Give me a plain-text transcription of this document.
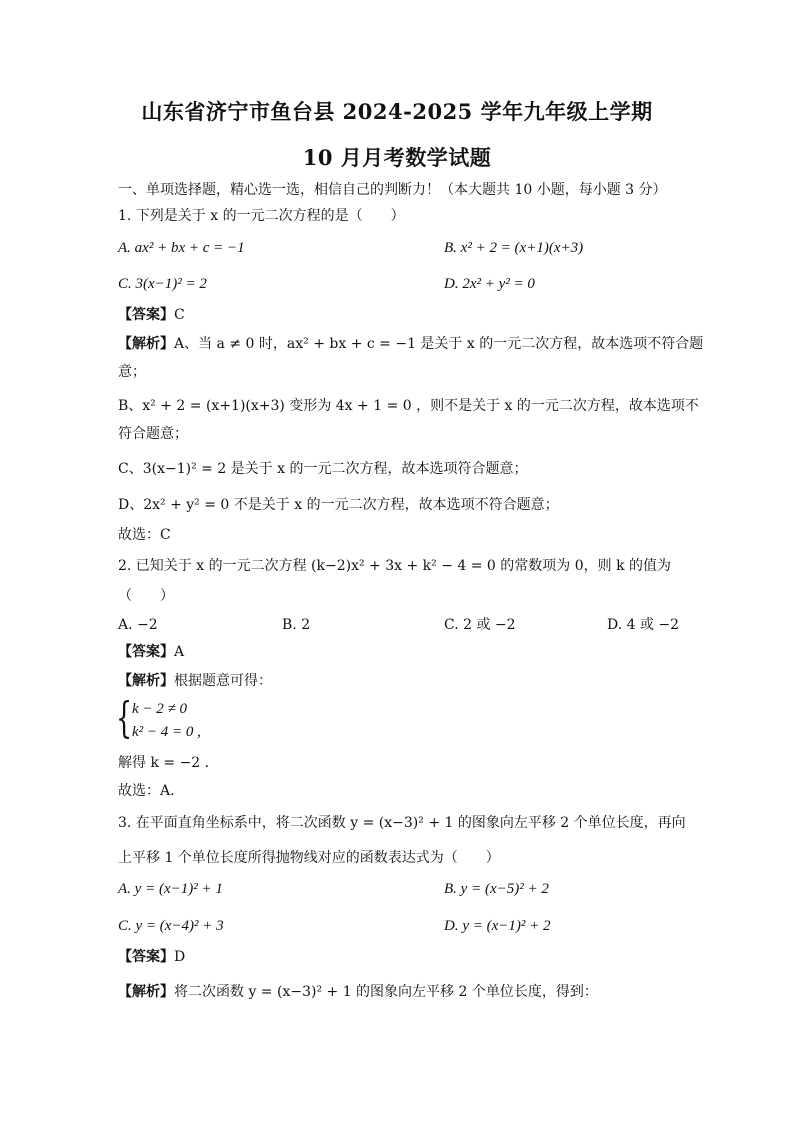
山东省济宁市鱼台县 2024-2025 学年九年级上学期
10 月月考数学试题
一、单项选择题，精心选一选，相信自己的判断力！（本大题共 10 小题，每小题 3 分）
1. 下列是关于 x 的一元二次方程的是（　　）
A. ax² + bx + c = −1	B. x² + 2 = (x+1)(x+3)
C. 3(x−1)² = 2	D. 2x² + y² = 0
【答案】C
【解析】A、当 a ≠ 0 时，ax² + bx + c = −1 是关于 x 的一元二次方程，故本选项不符合题
意；
B、x² + 2 = (x+1)(x+3) 变形为 4x + 1 = 0 ，则不是关于 x 的一元二次方程，故本选项不
符合题意；
C、3(x−1)² = 2 是关于 x 的一元二次方程，故本选项符合题意；
D、2x² + y² = 0 不是关于 x 的一元二次方程，故本选项不符合题意；
故选：C
2. 已知关于 x 的一元二次方程 (k−2)x² + 3x + k² − 4 = 0 的常数项为 0，则 k 的值为
（　　）
A. −2	B. 2	C. 2 或 −2	D. 4 或 −2
【答案】A
【解析】根据题意可得：
{ k − 2 ≠ 0
k² − 4 = 0 ,
解得 k = −2 .
故选：A.
3. 在平面直角坐标系中，将二次函数 y = (x−3)² + 1 的图象向左平移 2 个单位长度，再向
上平移 1 个单位长度所得抛物线对应的函数表达式为（　　）
A. y = (x−1)² + 1	B. y = (x−5)² + 2
C. y = (x−4)² + 3	D. y = (x−1)² + 2
【答案】D
【解析】将二次函数 y = (x−3)² + 1 的图象向左平移 2 个单位长度，得到：
